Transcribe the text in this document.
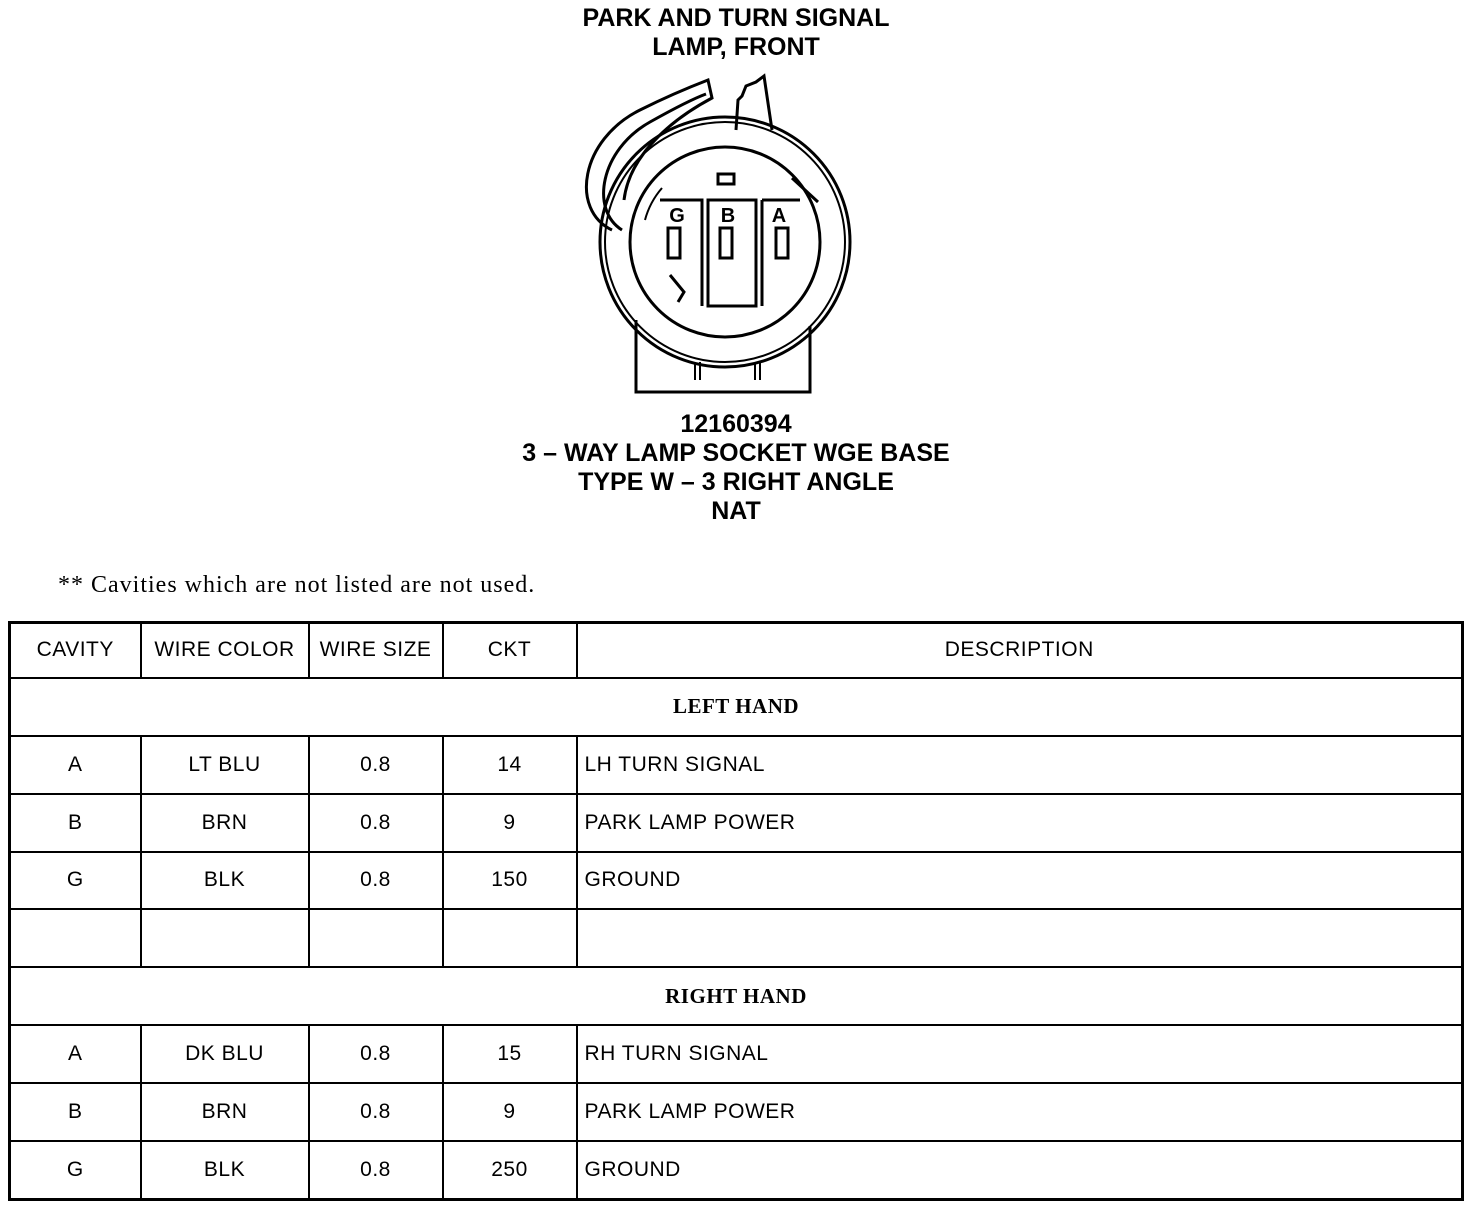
PARK AND TURN SIGNAL
LAMP, FRONT
G B A
12160394
3 – WAY LAMP SOCKET WGE BASE
TYPE W – 3 RIGHT ANGLE
NAT
** Cavities which are not listed are not used.
CAVITY	WIRE COLOR	WIRE SIZE	CKT	DESCRIPTION
LEFT HAND				
A	LT BLU	0.8	14	LH TURN SIGNAL
B	BRN	0.8	9	PARK LAMP POWER
G	BLK	0.8	150	GROUND

RIGHT HAND				
A	DK BLU	0.8	15	RH TURN SIGNAL
B	BRN	0.8	9	PARK LAMP POWER
G	BLK	0.8	250	GROUND
